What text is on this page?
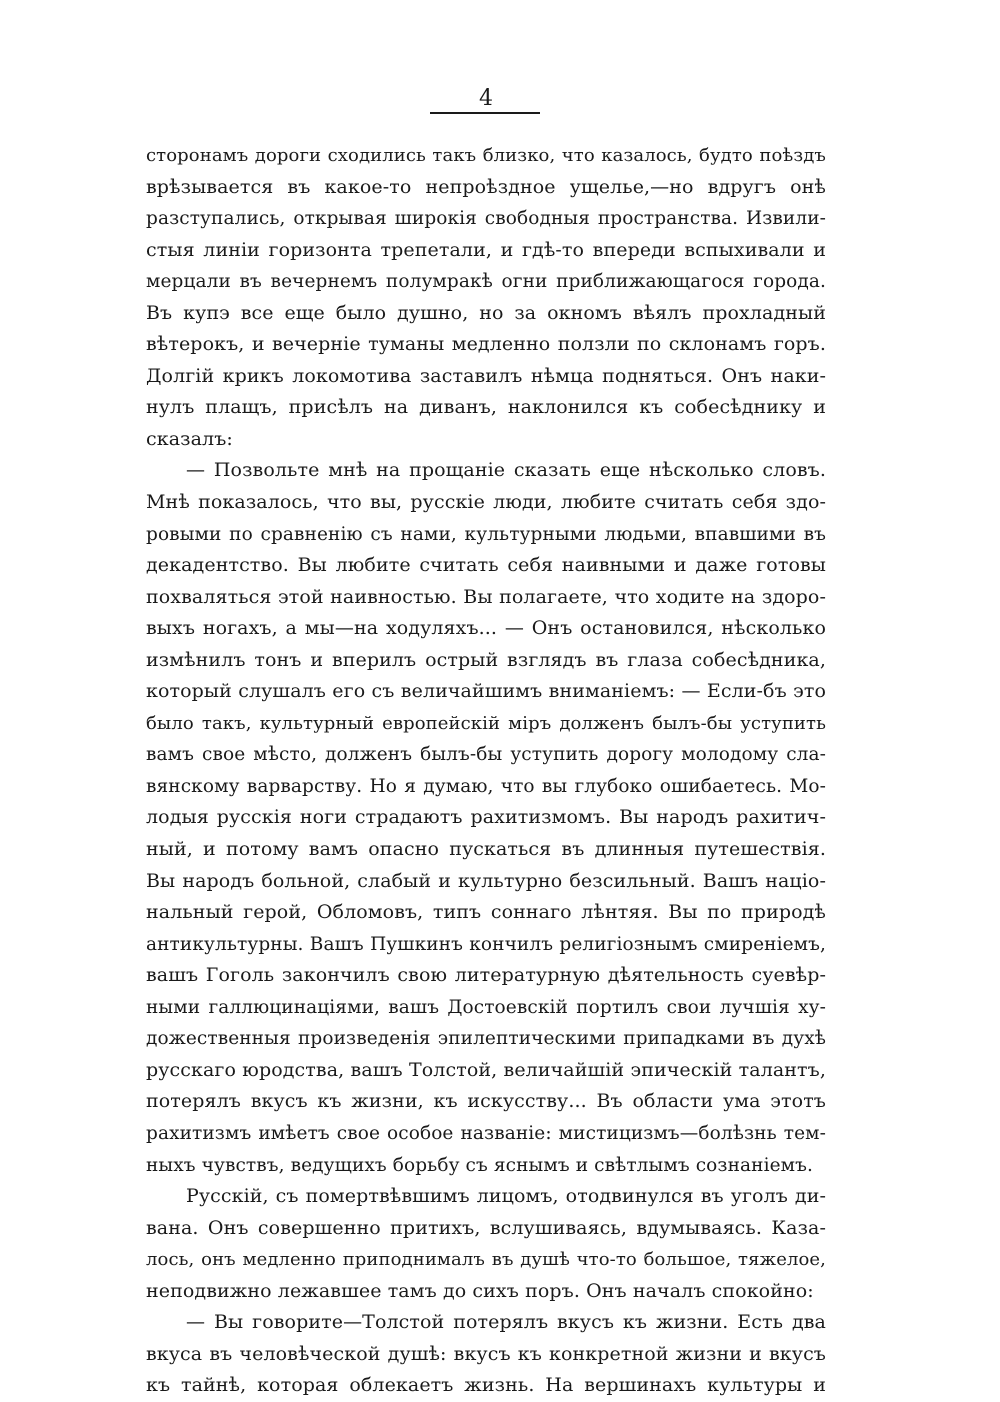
4
сторонамъ дороги сходились такъ близко, что казалось, будто поѣздъ
врѣзывается въ какое-то непроѣздное ущелье,—но вдругъ онѣ
разступались, открывая широкія свободныя пространства. Извили-
стыя линіи горизонта трепетали, и гдѣ-то впереди вспыхивали и
мерцали въ вечернемъ полумракѣ огни приближающагося города.
Въ купэ все еще было душно, но за окномъ вѣялъ прохладный
вѣтерокъ, и вечерніе туманы медленно ползли по склонамъ горъ.
Долгій крикъ локомотива заставилъ нѣмца подняться. Онъ наки-
нулъ плащъ, присѣлъ на диванъ, наклонился къ собесѣднику и
сказалъ:
— Позвольте мнѣ на прощаніе сказать еще нѣсколько словъ.
Мнѣ показалось, что вы, русскіе люди, любите считать себя здо-
ровыми по сравненію съ нами, культурными людьми, впавшими въ
декадентство. Вы любите считать себя наивными и даже готовы
похваляться этой наивностью. Вы полагаете, что ходите на здоро-
выхъ ногахъ, а мы—на ходуляхъ... — Онъ остановился, нѣсколько
измѣнилъ тонъ и вперилъ острый взглядъ въ глаза собесѣдника,
который слушалъ его съ величайшимъ вниманіемъ: — Если-бъ это
было такъ, культурный европейскій міръ долженъ былъ-бы уступить
вамъ свое мѣсто, долженъ былъ-бы уступить дорогу молодому сла-
вянскому варварству. Но я думаю, что вы глубоко ошибаетесь. Мо-
лодыя русскія ноги страдаютъ рахитизмомъ. Вы народъ рахитич-
ный, и потому вамъ опасно пускаться въ длинныя путешествія.
Вы народъ больной, слабый и культурно безсильный. Вашъ націо-
нальный герой, Обломовъ, типъ соннаго лѣнтяя. Вы по природѣ
антикультурны. Вашъ Пушкинъ кончилъ религіознымъ смиреніемъ,
вашъ Гоголь закончилъ свою литературную дѣятельность суевѣр-
ными галлюцинаціями, вашъ Достоевскій портилъ свои лучшія ху-
дожественныя произведенія эпилептическими припадками въ духѣ
русскаго юродства, вашъ Толстой, величайшій эпическій талантъ,
потерялъ вкусъ къ жизни, къ искусству... Въ области ума этотъ
рахитизмъ имѣетъ свое особое названіе: мистицизмъ—болѣзнь тем-
ныхъ чувствъ, ведущихъ борьбу съ яснымъ и свѣтлымъ сознаніемъ.
Русскій, съ помертвѣвшимъ лицомъ, отодвинулся въ уголъ ди-
вана. Онъ совершенно притихъ, вслушиваясь, вдумываясь. Каза-
лось, онъ медленно приподнималъ въ душѣ что-то большое, тяжелое,
неподвижно лежавшее тамъ до сихъ поръ. Онъ началъ спокойно:
— Вы говорите—Толстой потерялъ вкусъ къ жизни. Есть два
вкуса въ человѣческой душѣ: вкусъ къ конкретной жизни и вкусъ
къ тайнѣ, которая облекаетъ жизнь. На вершинахъ культуры и
